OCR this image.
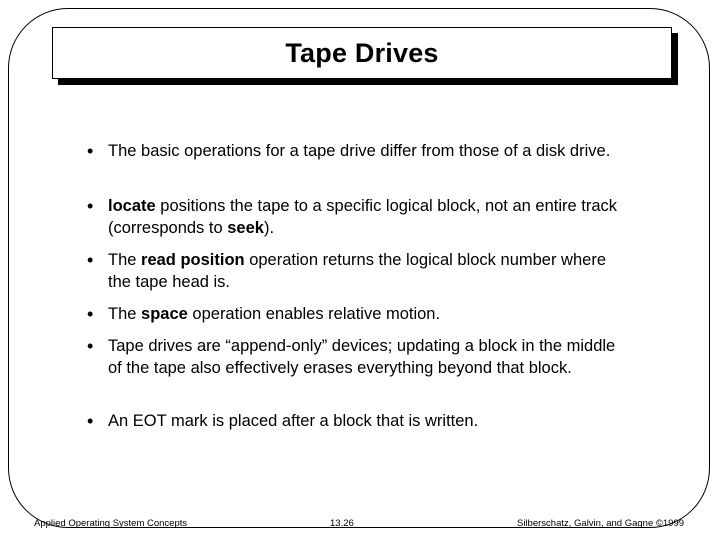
Tape Drives
• The basic operations for a tape drive differ from those of a disk drive.
• locate positions the tape to a specific logical block, not an entire track (corresponds to seek).
• The read position operation returns the logical block number where the tape head is.
• The space operation enables relative motion.
• Tape drives are “append-only” devices; updating a block in the middle of the tape also effectively erases everything beyond that block.
• An EOT mark is placed after a block that is written.
Applied Operating System Concepts	13.26	Silberschatz, Galvin, and Gagne ©1999
